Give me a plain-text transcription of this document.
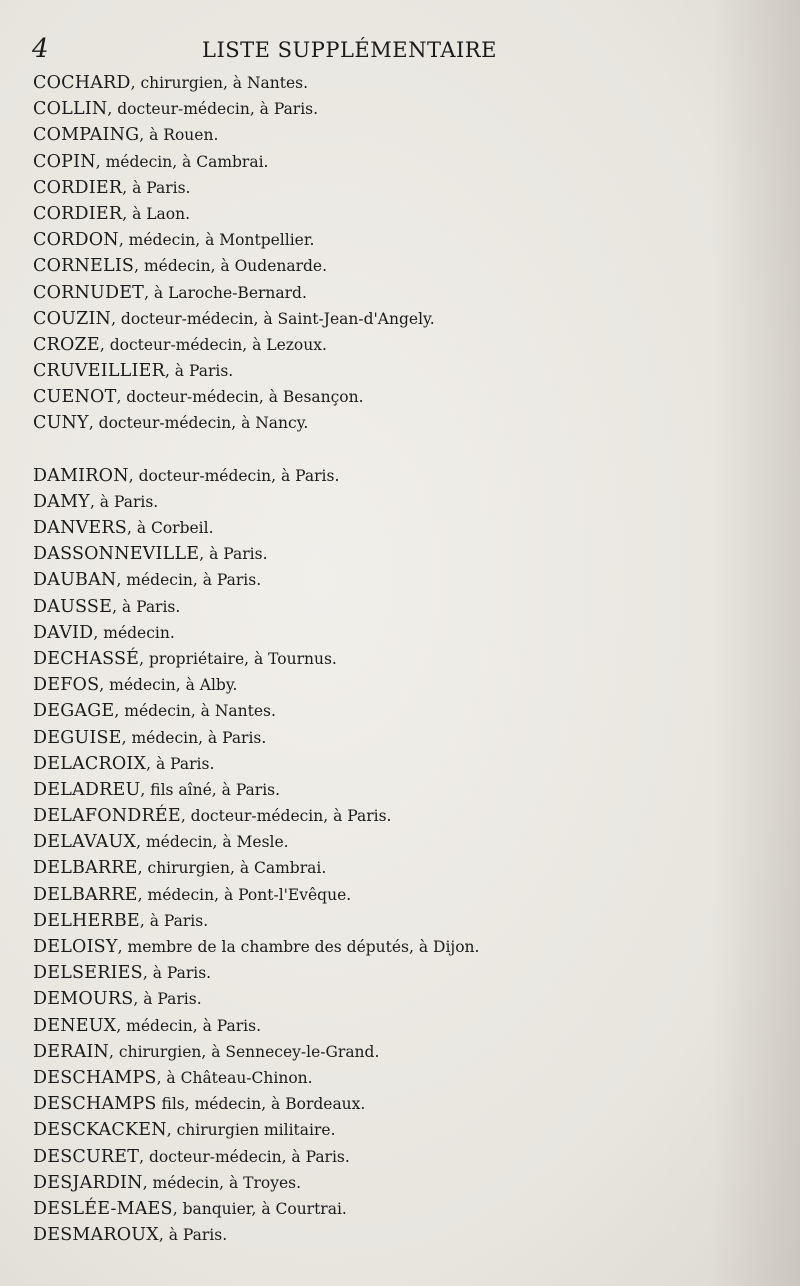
4	LISTE SUPPLÉMENTAIRE
COCHARD, chirurgien, à Nantes.
COLLIN, docteur-médecin, à Paris.
COMPAING, à Rouen.
COPIN, médecin, à Cambrai.
CORDIER, à Paris.
CORDIER, à Laon.
CORDON, médecin, à Montpellier.
CORNELIS, médecin, à Oudenarde.
CORNUDET, à Laroche-Bernard.
COUZIN, docteur-médecin, à Saint-Jean-d'Angely.
CROZE, docteur-médecin, à Lezoux.
CRUVEILLIER, à Paris.
CUENOT, docteur-médecin, à Besançon.
CUNY, docteur-médecin, à Nancy.
DAMIRON, docteur-médecin, à Paris.
DAMY, à Paris.
DANVERS, à Corbeil.
DASSONNEVILLE, à Paris.
DAUBAN, médecin, à Paris.
DAUSSE, à Paris.
DAVID, médecin.
DECHASSÉ, propriétaire, à Tournus.
DEFOS, médecin, à Alby.
DEGAGE, médecin, à Nantes.
DEGUISE, médecin, à Paris.
DELACROIX, à Paris.
DELADREU, fils aîné, à Paris.
DELAFONDRÉE, docteur-médecin, à Paris.
DELAVAUX, médecin, à Mesle.
DELBARRE, chirurgien, à Cambrai.
DELBARRE, médecin, à Pont-l'Evêque.
DELHERBE, à Paris.
DELOISY, membre de la chambre des députés, à Dijon.
DELSERIES, à Paris.
DEMOURS, à Paris.
DENEUX, médecin, à Paris.
DERAIN, chirurgien, à Sennecey-le-Grand.
DESCHAMPS, à Château-Chinon.
DESCHAMPS fils, médecin, à Bordeaux.
DESCKACKEN, chirurgien militaire.
DESCURET, docteur-médecin, à Paris.
DESJARDIN, médecin, à Troyes.
DESLÉE-MAES, banquier, à Courtrai.
DESMAROUX, à Paris.
